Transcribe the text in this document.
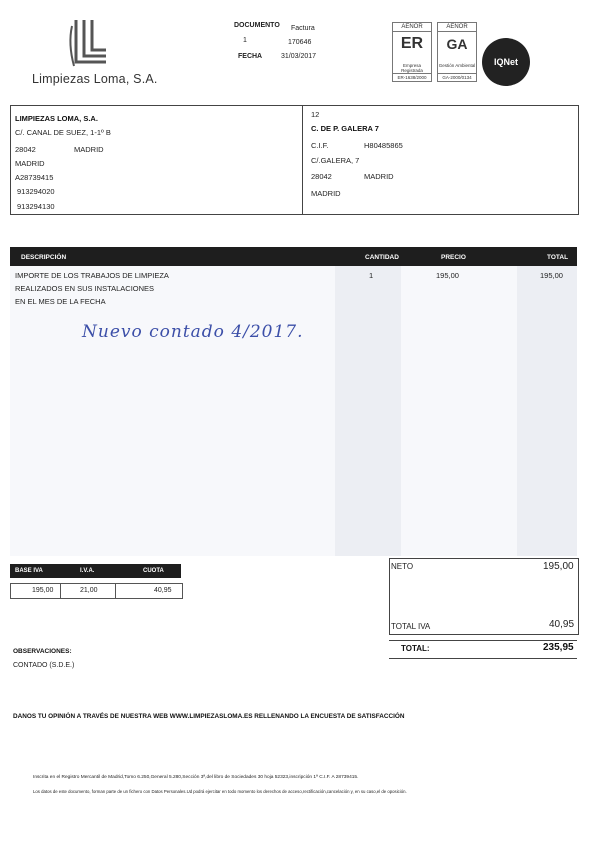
Limpiezas Loma, S.A.
DOCUMENTO Factura
1	170646
FECHA	31/03/2017
AENOR
ER
Empresa Registrada
ER-1638/2000
AENOR
GA
Gestión Ambiental
GA-2000/0134
IQNet
LIMPIEZAS LOMA, S.A.
C/. CANAL DE SUEZ, 1-1º B
28042	MADRID
MADRID
A28739415
913294020
913294130
12
C. DE P. GALERA 7
C.I.F.	H80485865
C/.GALERA, 7
28042	MADRID
MADRID
DESCRIPCIÓN	CANTIDAD	PRECIO	TOTAL
IMPORTE DE LOS TRABAJOS DE LIMPIEZA
REALIZADOS EN SUS INSTALACIONES
EN EL MES DE LA FECHA
1	195,00	195,00
Nuevo contado 4/2017.
BASE IVA	I.V.A.	CUOTA
195,00	21,00	40,95
NETO	195,00
TOTAL IVA	40,95
TOTAL:	235,95
OBSERVACIONES:
CONTADO (S.D.E.)
DANOS TU OPINIÓN A TRAVÉS DE NUESTRA WEB WWW.LIMPIEZASLOMA.ES RELLENANDO LA ENCUESTA DE SATISFACCIÓN
Inscrita en el Registro Mercantil de Madrid,Tomo 6.250,General 5.280,Sección 3ª,del libro de Sociedades 30 hoja 52323,inscripción 1ª C.I.F. A 28739415.
Los datos de este documento, forman parte de un fichero con Datos Personales.Ud podrá ejercitar en todo momento los derechos de acceso,rectificación,cancelación y, en su caso,el de oposición.
